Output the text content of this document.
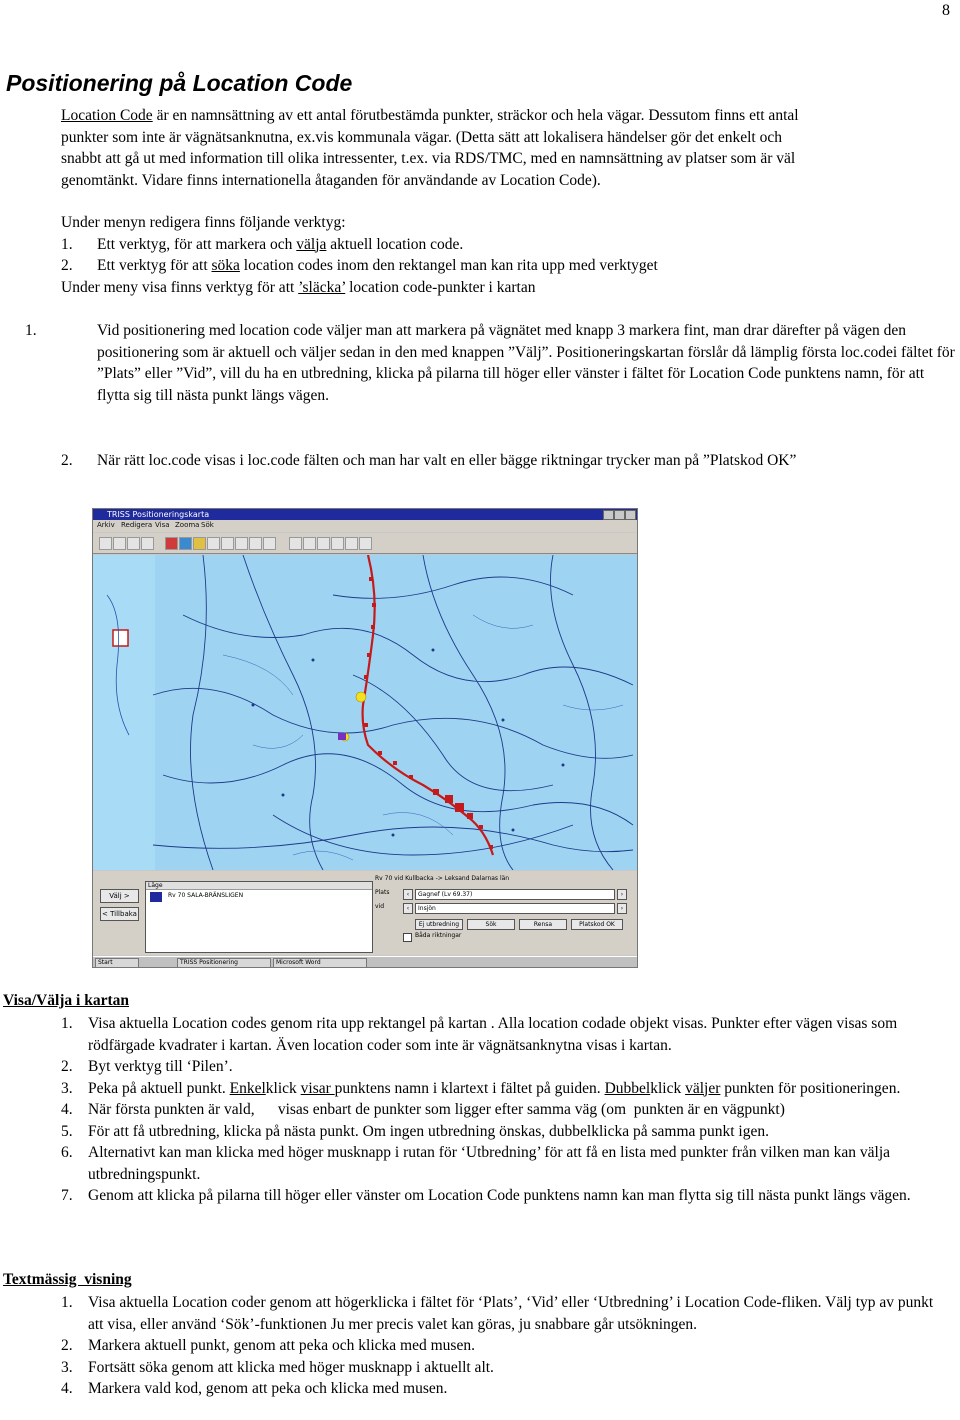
8
Positionering på Location Code
Location Code är en namnsättning av ett antal förutbestämda punkter, sträckor och hela vägar. Dessutom finns ett antal
punkter som inte är vägnätsanknutna, ex.vis kommunala vägar. (Detta sätt att lokalisera händelser gör det enkelt och
snabbt att gå ut med information till olika intressenter, t.ex. via RDS/TMC, med en namnsättning av platser som är väl
genomtänkt. Vidare finns internationella åtaganden för användande av Location Code).
Under menyn redigera finns följande verktyg:
1. Ett verktyg, för att markera och välja aktuell location code.
2. Ett verktyg för att söka location codes inom den rektangel man kan rita upp med verktyget
Under meny visa finns verktyg för att ’släcka’ location code-punkter i kartan
1.	Vid positionering med location code väljer man att markera på vägnätet med knapp 3 markera fint, man drar därefter på vägen den positionering som är aktuell och väljer sedan in den med knappen ”Välj”. Positioneringskartan förslår då lämplig första loc.codei fältet för ”Plats” eller ”Vid”, vill du ha en utbredning, klicka på pilarna till höger eller vänster i fältet för Location Code punktens namn, för att flytta sig till nästa punkt längs vägen.
2. När rätt loc.code visas i loc.code fälten och man har valt en eller bägge riktningar trycker man på ”Platskod OK”
TRISS Positioneringskarta
Arkiv Redigera Visa Zooma Sök
Välj >
< Tillbaka
Läge
Rv 70 SALA-BRÄNSLIGEN
Rv 70 vid Kullbacka -> Leksand Dalarnas län
Plats	‹	Gagnef (Lv 69.37)	›
vid	‹	Insjön	›
Ej utbredning	Sök	Rensa	Platskod OK
Båda riktningar
Start	TRISS Positionering	Microsoft Word
Visa/Välja i kartan
1. Visa aktuella Location codes genom rita upp rektangel på kartan . Alla location codade objekt visas. Punkter efter vägen visas som rödfärgade kvadrater i kartan. Även location coder som inte är vägnätsanknytna visas i kartan.
2. Byt verktyg till ‘Pilen’.
3. Peka på aktuell punkt. Enkelklick visar punktens namn i klartext i fältet på guiden. Dubbelklick väljer punkten för positioneringen.
4. När första punkten är vald,      visas enbart de punkter som ligger efter samma väg (om  punkten är en vägpunkt)
5. För att få utbredning, klicka på nästa punkt. Om ingen utbredning önskas, dubbelklicka på samma punkt igen.
6. Alternativt kan man klicka med höger musknapp i rutan för ‘Utbredning’ för att få en lista med punkter från vilken man kan välja utbredningspunkt.
7. Genom att klicka på pilarna till höger eller vänster om Location Code punktens namn kan man flytta sig till nästa punkt längs vägen.
Textmässig  visning
1. Visa aktuella Location coder genom att högerklicka i fältet för ‘Plats’, ‘Vid’ eller ‘Utbredning’ i Location Code-fliken. Välj typ av punkt att visa, eller använd ‘Sök’-funktionen Ju mer precis valet kan göras, ju snabbare går utsökningen.
2. Markera aktuell punkt, genom att peka och klicka med musen.
3. Fortsätt söka genom att klicka med höger musknapp i aktuellt alt.
4. Markera vald kod, genom att peka och klicka med musen.
